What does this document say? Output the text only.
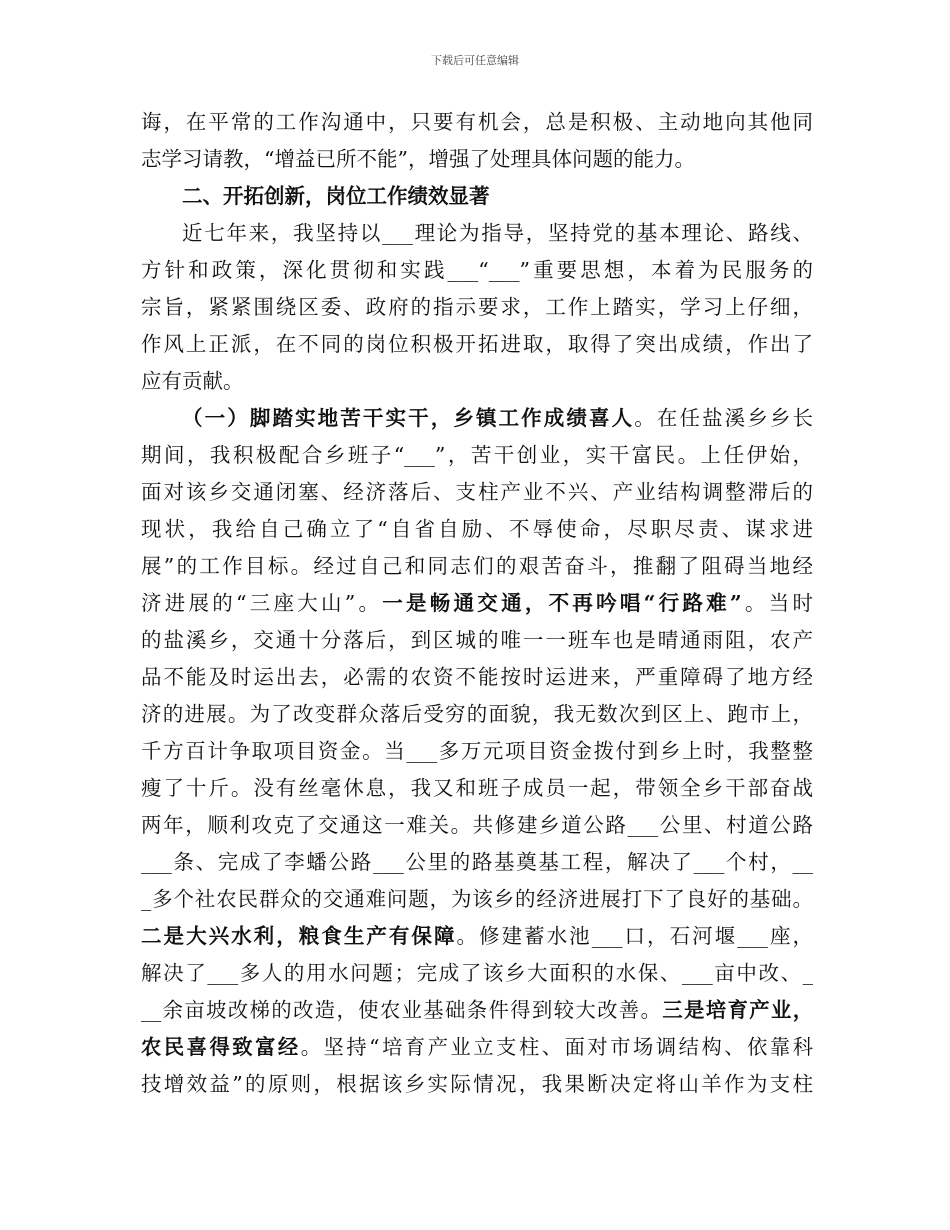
下载后可任意编辑
诲，在平常的工作沟通中，只要有机会，总是积极、主动地向其他同
志学习请教，“增益已所不能”，增强了处理具体问题的能力。
二、开拓创新，岗位工作绩效显著
近七年来，我坚持以___理论为指导，坚持党的基本理论、路线、
方针和政策，深化贯彻和实践___“___”重要思想，本着为民服务的
宗旨，紧紧围绕区委、政府的指示要求，工作上踏实，学习上仔细，
作风上正派，在不同的岗位积极开拓进取，取得了突出成绩，作出了
应有贡献。
（一）脚踏实地苦干实干，乡镇工作成绩喜人。在任盐溪乡乡长
期间，我积极配合乡班子“___”，苦干创业，实干富民。上任伊始，
面对该乡交通闭塞、经济落后、支柱产业不兴、产业结构调整滞后的
现状，我给自己确立了“自省自励、不辱使命，尽职尽责、谋求进
展”的工作目标。经过自己和同志们的艰苦奋斗，推翻了阻碍当地经
济进展的“三座大山”。一是畅通交通，不再吟唱“行路难”。当时
的盐溪乡，交通十分落后，到区城的唯一一班车也是晴通雨阻，农产
品不能及时运出去，必需的农资不能按时运进来，严重障碍了地方经
济的进展。为了改变群众落后受穷的面貌，我无数次到区上、跑市上，
千方百计争取项目资金。当___多万元项目资金拨付到乡上时，我整整
瘦了十斤。没有丝毫休息，我又和班子成员一起，带领全乡干部奋战
两年，顺利攻克了交通这一难关。共修建乡道公路___公里、村道公路
___条、完成了李蟠公路___公里的路基奠基工程，解决了___个村，__
_多个社农民群众的交通难问题，为该乡的经济进展打下了良好的基础。
二是大兴水利，粮食生产有保障。修建蓄水池___口，石河堰___座，
解决了___多人的用水问题；完成了该乡大面积的水保、___亩中改、_
__余亩坡改梯的改造，使农业基础条件得到较大改善。三是培育产业，
农民喜得致富经。坚持“培育产业立支柱、面对市场调结构、依靠科
技增效益”的原则，根据该乡实际情况，我果断决定将山羊作为支柱
